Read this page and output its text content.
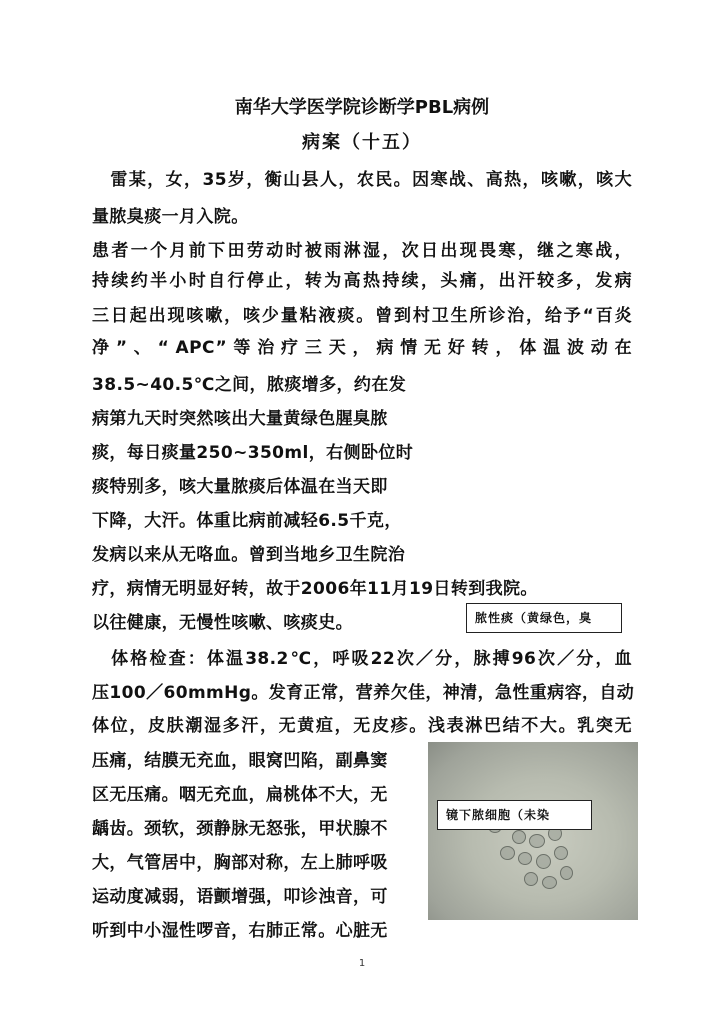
南华大学医学院诊断学PBL病例
病案（十五）
　雷某，女，35岁，衡山县人，农民。因寒战、高热，咳嗽，咳大
量脓臭痰一月入院。
患者一个月前下田劳动时被雨淋湿，次日出现畏寒，继之寒战，
持续约半小时自行停止，转为高热持续，头痛，出汗较多，发病
三日起出现咳嗽，咳少量粘液痰。曾到村卫生所诊治，给予“百炎
净 ” 、 “ APC” 等 治 疗 三 天 ， 病 情 无 好 转 ， 体 温 波 动 在
38.5~40.5℃之间，脓痰增多，约在发
病第九天时突然咳出大量黄绿色腥臭脓
痰，每日痰量250~350ml，右侧卧位时
痰特别多，咳大量脓痰后体温在当天即
下降，大汗。体重比病前减轻6.5千克，
发病以来从无咯血。曾到当地乡卫生院治
疗，病情无明显好转，故于2006年11月19日转到我院。
以往健康，无慢性咳嗽、咳痰史。	脓性痰（黄绿色，臭
　体格检查：体温38.2℃，呼吸22次／分，脉搏96次／分，血
压100／60mmHg。发育正常，营养欠佳，神清，急性重病容，自动
体位，皮肤潮湿多汗，无黄疸，无皮疹。浅表淋巴结不大。乳突无
压痛，结膜无充血，眼窝凹陷，副鼻窦
区无压痛。咽无充血，扁桃体不大，无
龋齿。颈软，颈静脉无怒张，甲状腺不
大，气管居中，胸部对称，左上肺呼吸
运动度减弱，语颤增强，叩诊浊音，可
听到中小湿性啰音，右肺正常。心脏无
镜下脓细胞（未染
1
